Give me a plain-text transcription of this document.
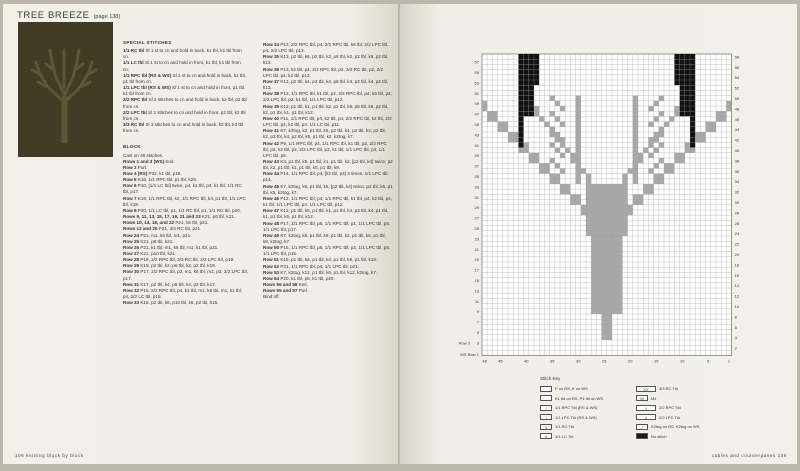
TREE BREEZE (page 138)
SPECIAL STITCHES
1/1 RC tbl Sl 1 st to cn and hold in back, k1 tbl, k1 tbl from cn.
1/1 LC tbl Sl 1 st to cn and hold in front, k1 tbl, k1 tbl from cn.
1/1 RPC tbl (RS & WS) Sl 1 st to cn and hold in back, k1 tbl, p1 tbl from cn.
1/1 LPC tbl (RS & WS) Sl 1 st to cn and hold in front, p1 tbl, k1 tbl from cn.
2/2 RPC tbl Sl 2 stitches to cn and hold in back, k2 tbl, p2 tbl from cn.
2/2 LPC tbl Sl 2 stitches to cn and hold in front, p2 tbl, k2 tbl from cn.
3/3 RC tbl Sl 3 stitches to cn and hold in back, k3 tbl, k3 tbl from cn.
BLOCK
Cast on 48 stitches.
Rows 1 and 3 (WS) Knit.
Row 2 Purl.
Row 4 (RS) P32, k1 tbl, p15.
Row 5 K16, 1/1 RPC tbl, p1 tbl, k29.
Row 6 P10, [1/1 LC tbl] twice, p4, k1 tbl, p3, k1 tbl, 1/1 RC tbl, p17.
Row 7 K19, 1/1 RPC tbl, k2, 1/1 RPC tbl, k4, p1 tbl, 1/1 LPC tbl, k19.
Row 8 P20, 1/1 LC tbl, p1, 1/1 RC tbl, p1, 1/1 RC tbl, p20.
Rows 9, 11, 13, 15, 17, 19, 21 and 23 K21, p6 tbl, k21.
Rows 10, 14, 18, and 22 P21, k6 tbl, p21.
Rows 12 and 20 P21, 3/3 RC tbl, p21.
Row 24 P21, m1, k6 tbl, m1, p21.
Row 25 K21, p8 tbl, k21.
Row 26 P21, k1 tbl, m1, k6 tbl, m1, k1 tbl, p21.
Row 27 K21, p10 tbl, k21.
Row 28 P19, 2/2 RPC tbl, 3/3 RC tbl, 2/2 LPC tbl, p19.
Row 29 K19, p2 tbl, k2, p6 tbl, k2, p2 tbl, k19.
Row 30 P17, 2/2 RPC tbl, p2, m1, k6 tbl, m1, p2, 2/2 LPC tbl, p17.
Row 31 K17, p2 tbl, k4, p8 tbl, k4, p2 tbl, k17.
Row 32 P15, 2/2 RPC tbl, p4, k1 tbl, m1, k6 tbl, m1, k1 tbl, p4, 2/2 LC tbl, p15.
Row 33 K15, p2 tbl, k6, p10 tbl, k6, p2 tbl, k15.
Row 34 P13, 2/2 RPC tbl, p4, 2/2 RPC tbl, k6 tbl, 2/2 LPC tbl, p4, 2/2 LPC tbl, p13.
Row 35 K13, p2 tbl, k6, p2 tbl, k2, p6 tbl, k2, p2 tbl, k6, p2 tbl, k13.
Row 36 P13, k2 tbl, p4, 2/2 RPC tbl, p2, 3/3 RC tbl, p2, 2/2 LPC tbl, p4, k2 tbl, p13.
Row 37 K13, p2 tbl, k4, p2 tbl, k4, p6 tbl, k4, p2 tbl, k4, p2 tbl, k13.
Row 38 P12, 1/1 RPC tbl, k1 tbl, p2, 2/2 RPC tbl, p4, k6 tbl, p4, 2/2 LPC tbl, p2, k1 tbl, 1/1 LPC tbl, p12.
Row 39 K12, p1 tbl, k1, p1 tbl, k2, p2 tbl, k6, p6 tbl, k6, p2 tbl, k2, p1 tbl, k1, p1 tbl, k12.
Row 40 P11, 1/1 RPC tbl, p4, k2 tbl, p4, 2/2 RPC tbl, k2 tbl, 2/2 LPC tbl, p4, k2 tbl, p4, 1/1 LC tbl, p11.
Row 41 K7, k2tog, k2, p1 tbl, k5, p2 tbl, k4, p2 tbl, k2, p2 tbl, k2, p2 tbl, k4, p2 tbl, k5, p1 tbl, k2, k2tog, k7.
Row 42 P9, 1/1 RPC tbl, p4, 1/1 RPC tbl, k1 tbl, p2, 2/2 RPC tbl, p2, k2 tbl, p2, 2/2 LPC tbl, p2, k1 tbl, 1/1 LPC tbl, p4, 1/1 LPC tbl, p9.
Row 43 K3, p1 tbl, k5, p1 tbl, k1, p1 tbl, k2, [p2 tbl, k4] twice, p2 tbl, k2, p1 tbl, k1, p1 tbl, k5, p1 tbl, k9.
Row 44 P14, 1/1 RPC tbl, p4, [k2 tbl, p4] 3 times, 1/1 LPC tbl, p14.
Row 45 K7, k2tog, k5, p1 tbl, k5, [p2 tbl, k4] twice, p2 tbl, k5, p1 tbl, k5, k2tog, k7.
Row 46 P12, 1/1 RPC tbl, p4, 1/1 RPC tbl, k1 tbl, p4, k2 tbl, p4, k1 tbl, 1/1 LPC tbl, p4, 1/1 LPC tbl, p12.
Row 47 K12, p1 tbl, k5, p1 tbl, k1, p1 tbl, k4, p2 tbl, k4, p1 tbl, k1, p1 tbl, k5, p1 tbl, k12.
Row 48 P17, 1/1 RPC tbl, p5, 1/1 RPC tbl, p1, 1/1 LPC tbl, p5, 1/1 LPC tbl, p17.
Row 49 K7, k2tog, k8, p1 tbl, k6, p1 tbl, k2, p1 tbl, k6, p1 tbl, k8, k2tog, k7.
Row 50 P15, 1/1 RPC tbl, p5, 1/1 RPC tbl, p2, 1/1 LPC tbl, p5, 1/1 LPC tbl, p15.
Row 51 K15, p1 tbl, k6, p1 tbl, k4, p1 tbl, k6, p1 tbl, k15.
Row 52 P21, 1/1 RPC tbl, p4, 1/1 LPC tbl, p21.
Row 53 K7, k2tog, k12, p1 tbl, k6, p1 tbl, k12, k2tog, k7.
Row 54 P20, k1 tbl, p8, k1 tbl, p20.
Rows 56 and 58 Knit.
Rows 55 and 57 Purl.
Bind off.
106 knitting block by block
58
56
54
52
50
48
46
44
42
40
38
36
34
32
30
28
26
24
22
20
18
16
14
12
10
8
6
4
2
57
55
53
51
49
47
45
43
41
39
37
35
33
31
29
27
25
23
21
19
17
15
13
11
9
7
5
3
Row 3
WS Row 1
48	45	40	35	30	25	20	15	10	5	1
Stitch Key
P on RS, K on WS
K1 tbl on RS, P1 tbl on WS
/ 1/1 RPC Tbl (RS & WS)
\ 1/1 LPC Tbl (RS & WS)
X 1/1 RC Tbl
X 1/1 LC Tbl
XX	3/3 RC Tbl
M M1
//	2/2 RPC Tbl
\\	2/2 LPC Tbl
/ K2tog on RS, K2tog on WS
No stitch
cables and counterpanes 106
